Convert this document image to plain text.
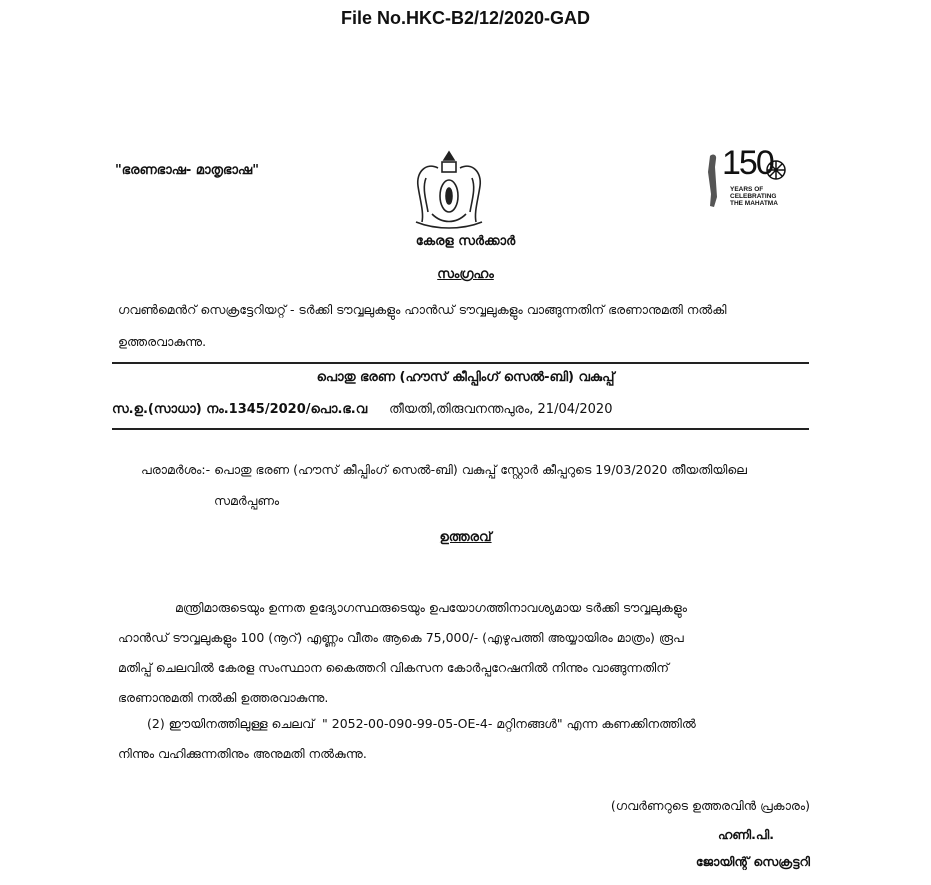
File No.HKC-B2/12/2020-GAD
"ഭരണഭാഷ- മാതൃഭാഷ"	150
YEARS OF
CELEBRATING
THE MAHATMA
കേരള സർക്കാർ
സംഗ്രഹം
ഗവൺമെൻറ് സെക്രട്ടേറിയറ്റ് - ടർക്കി ടൗവ്വലുകളും ഹാൻഡ് ടൗവ്വലുകളും വാങ്ങുന്നതിന് ഭരണാനുമതി നൽകി
ഉത്തരവാകുന്നു.
പൊതു ഭരണ (ഹൗസ് കീപ്പിംഗ് സെൽ-ബി) വകുപ്പ്
സ.ഉ.(സാധാ) നം.1345/2020/പൊ.ഭ.വ തീയതി,തിരുവനന്തപുരം, 21/04/2020
പരാമർശം:- പൊതു ഭരണ (ഹൗസ് കീപ്പിംഗ് സെൽ-ബി) വകുപ്പ് സ്റ്റോർ കീപ്പറുടെ 19/03/2020 തീയതിയിലെ
സമർപ്പണം
ഉത്തരവ്
മന്ത്രിമാരുടെയും ഉന്നത ഉദ്യോഗസ്ഥരുടെയും ഉപയോഗത്തിനാവശ്യമായ ടർക്കി ടൗവ്വലുകളും
ഹാൻഡ് ടൗവ്വലുകളും 100 (നൂറ്) എണ്ണം വീതം ആകെ 75,000/- (എഴുപത്തി അയ്യായിരം മാത്രം) രൂപ
മതിപ്പ് ചെലവിൽ കേരള സംസ്ഥാന കൈത്തറി വികസന കോർപ്പറേഷനിൽ നിന്നും വാങ്ങുന്നതിന്
ഭരണാനുമതി നൽകി ഉത്തരവാകുന്നു.
(2) ഈയിനത്തിലുള്ള ചെലവ്  " 2052-00-090-99-05-OE-4- മറ്റിനങ്ങൾ" എന്ന കണക്കിനത്തിൽ
നിന്നും വഹിക്കുന്നതിനും അനുമതി നൽകുന്നു.
(ഗവർണറുടെ ഉത്തരവിൻ പ്രകാരം)
ഹണി.പി.
ജോയിന്റ് സെക്രട്ടറി
